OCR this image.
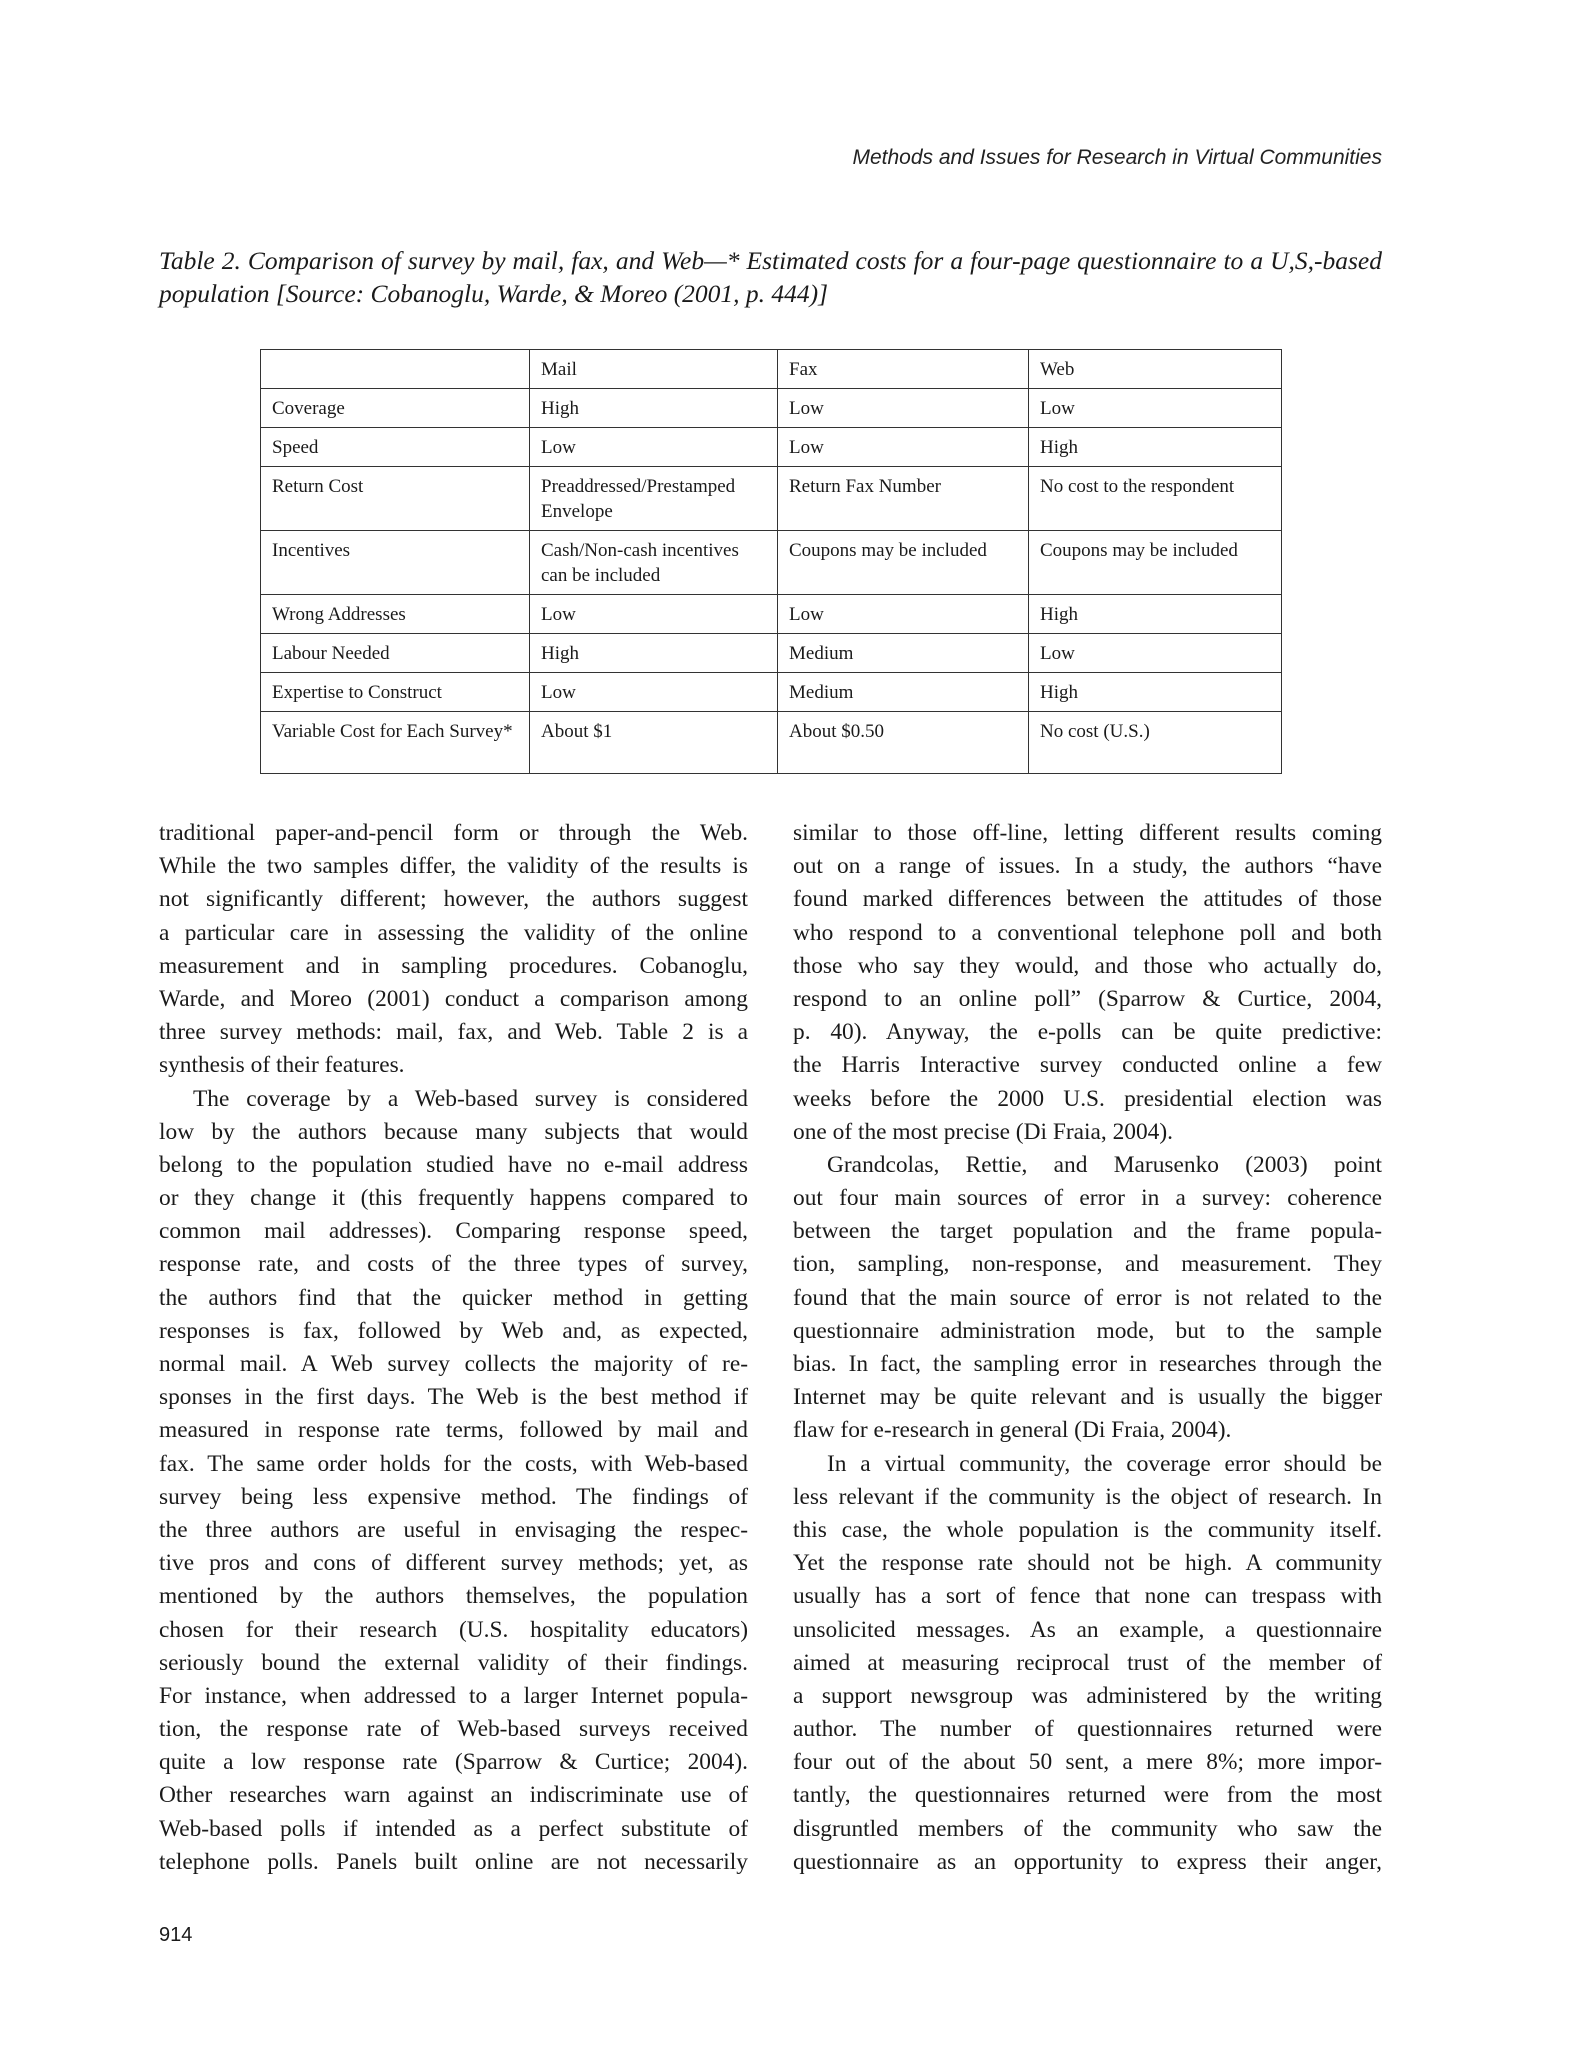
Methods and Issues for Research in Virtual Communities
Table 2. Comparison of survey by mail, fax, and Web—* Estimated costs for a four-page questionnaire to a U,S,-based population [Source: Cobanoglu, Warde, & Moreo (2001, p. 444)]
	Mail	Fax	Web
Coverage	High	Low	Low
Speed	Low	Low	High
Return Cost	Preaddressed/Prestamped Envelope	Return Fax Number	No cost to the respondent
Incentives	Cash/Non-cash incentives can be included	Coupons may be included	Coupons may be included
Wrong Addresses	Low	Low	High
Labour Needed	High	Medium	Low
Expertise to Construct	Low	Medium	High
Variable Cost for Each Survey*	About $1	About $0.50	No cost (U.S.)
traditional paper-and-pencil form or through the Web.
While the two samples differ, the validity of the results is
not significantly different; however, the authors suggest
a particular care in assessing the validity of the online
measurement and in sampling procedures. Cobanoglu,
Warde, and Moreo (2001) conduct a comparison among
three survey methods: mail, fax, and Web. Table 2 is a
synthesis of their features.
The coverage by a Web-based survey is considered
low by the authors because many subjects that would
belong to the population studied have no e-mail address
or they change it (this frequently happens compared to
common mail addresses). Comparing response speed,
response rate, and costs of the three types of survey,
the authors find that the quicker method in getting
responses is fax, followed by Web and, as expected,
normal mail. A Web survey collects the majority of re-
sponses in the first days. The Web is the best method if
measured in response rate terms, followed by mail and
fax. The same order holds for the costs, with Web-based
survey being less expensive method. The findings of
the three authors are useful in envisaging the respec-
tive pros and cons of different survey methods; yet, as
mentioned by the authors themselves, the population
chosen for their research (U.S. hospitality educators)
seriously bound the external validity of their findings.
For instance, when addressed to a larger Internet popula-
tion, the response rate of Web-based surveys received
quite a low response rate (Sparrow & Curtice; 2004).
Other researches warn against an indiscriminate use of
Web-based polls if intended as a perfect substitute of
telephone polls. Panels built online are not necessarily
similar to those off-line, letting different results coming
out on a range of issues. In a study, the authors “have
found marked differences between the attitudes of those
who respond to a conventional telephone poll and both
those who say they would, and those who actually do,
respond to an online poll” (Sparrow & Curtice, 2004,
p. 40). Anyway, the e-polls can be quite predictive:
the Harris Interactive survey conducted online a few
weeks before the 2000 U.S. presidential election was
one of the most precise (Di Fraia, 2004).
Grandcolas, Rettie, and Marusenko (2003) point
out four main sources of error in a survey: coherence
between the target population and the frame popula-
tion, sampling, non-response, and measurement. They
found that the main source of error is not related to the
questionnaire administration mode, but to the sample
bias. In fact, the sampling error in researches through the
Internet may be quite relevant and is usually the bigger
flaw for e-research in general (Di Fraia, 2004).
In a virtual community, the coverage error should be
less relevant if the community is the object of research. In
this case, the whole population is the community itself.
Yet the response rate should not be high. A community
usually has a sort of fence that none can trespass with
unsolicited messages. As an example, a questionnaire
aimed at measuring reciprocal trust of the member of
a support newsgroup was administered by the writing
author. The number of questionnaires returned were
four out of the about 50 sent, a mere 8%; more impor-
tantly, the questionnaires returned were from the most
disgruntled members of the community who saw the
questionnaire as an opportunity to express their anger,
914
